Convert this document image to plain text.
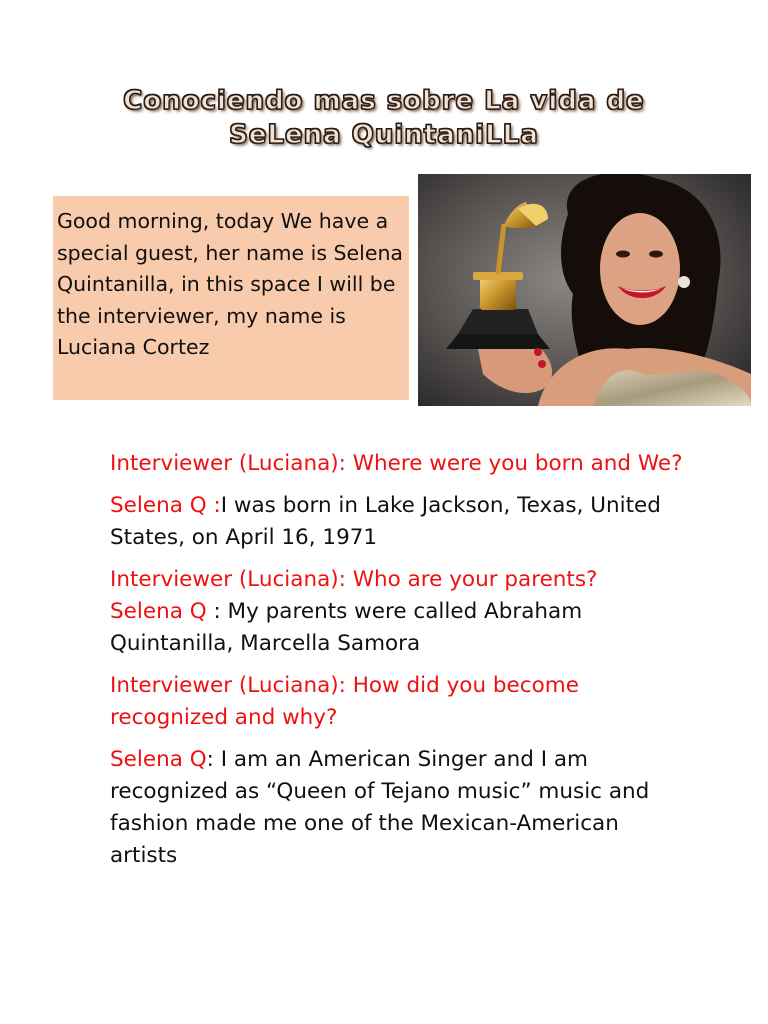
Conociendo mas sobre La vida de
SeLena QuintaniLLa
Good morning, today We have a special guest, her name is Selena Quintanilla, in this space I will be the interviewer, my name is Luciana Cortez

Interviewer (Luciana): Where were you born and We?

Selena Q :I was born in Lake Jackson, Texas, United States, on April 16, 1971

Interviewer (Luciana): Who are your parents?

Selena Q : My parents were called Abraham Quintanilla, Marcella Samora

Interviewer (Luciana): How did you become recognized and why?

Selena Q: I am an American Singer and I am recognized as “Queen of Tejano music” music and fashion made me one of the Mexican-American artists
